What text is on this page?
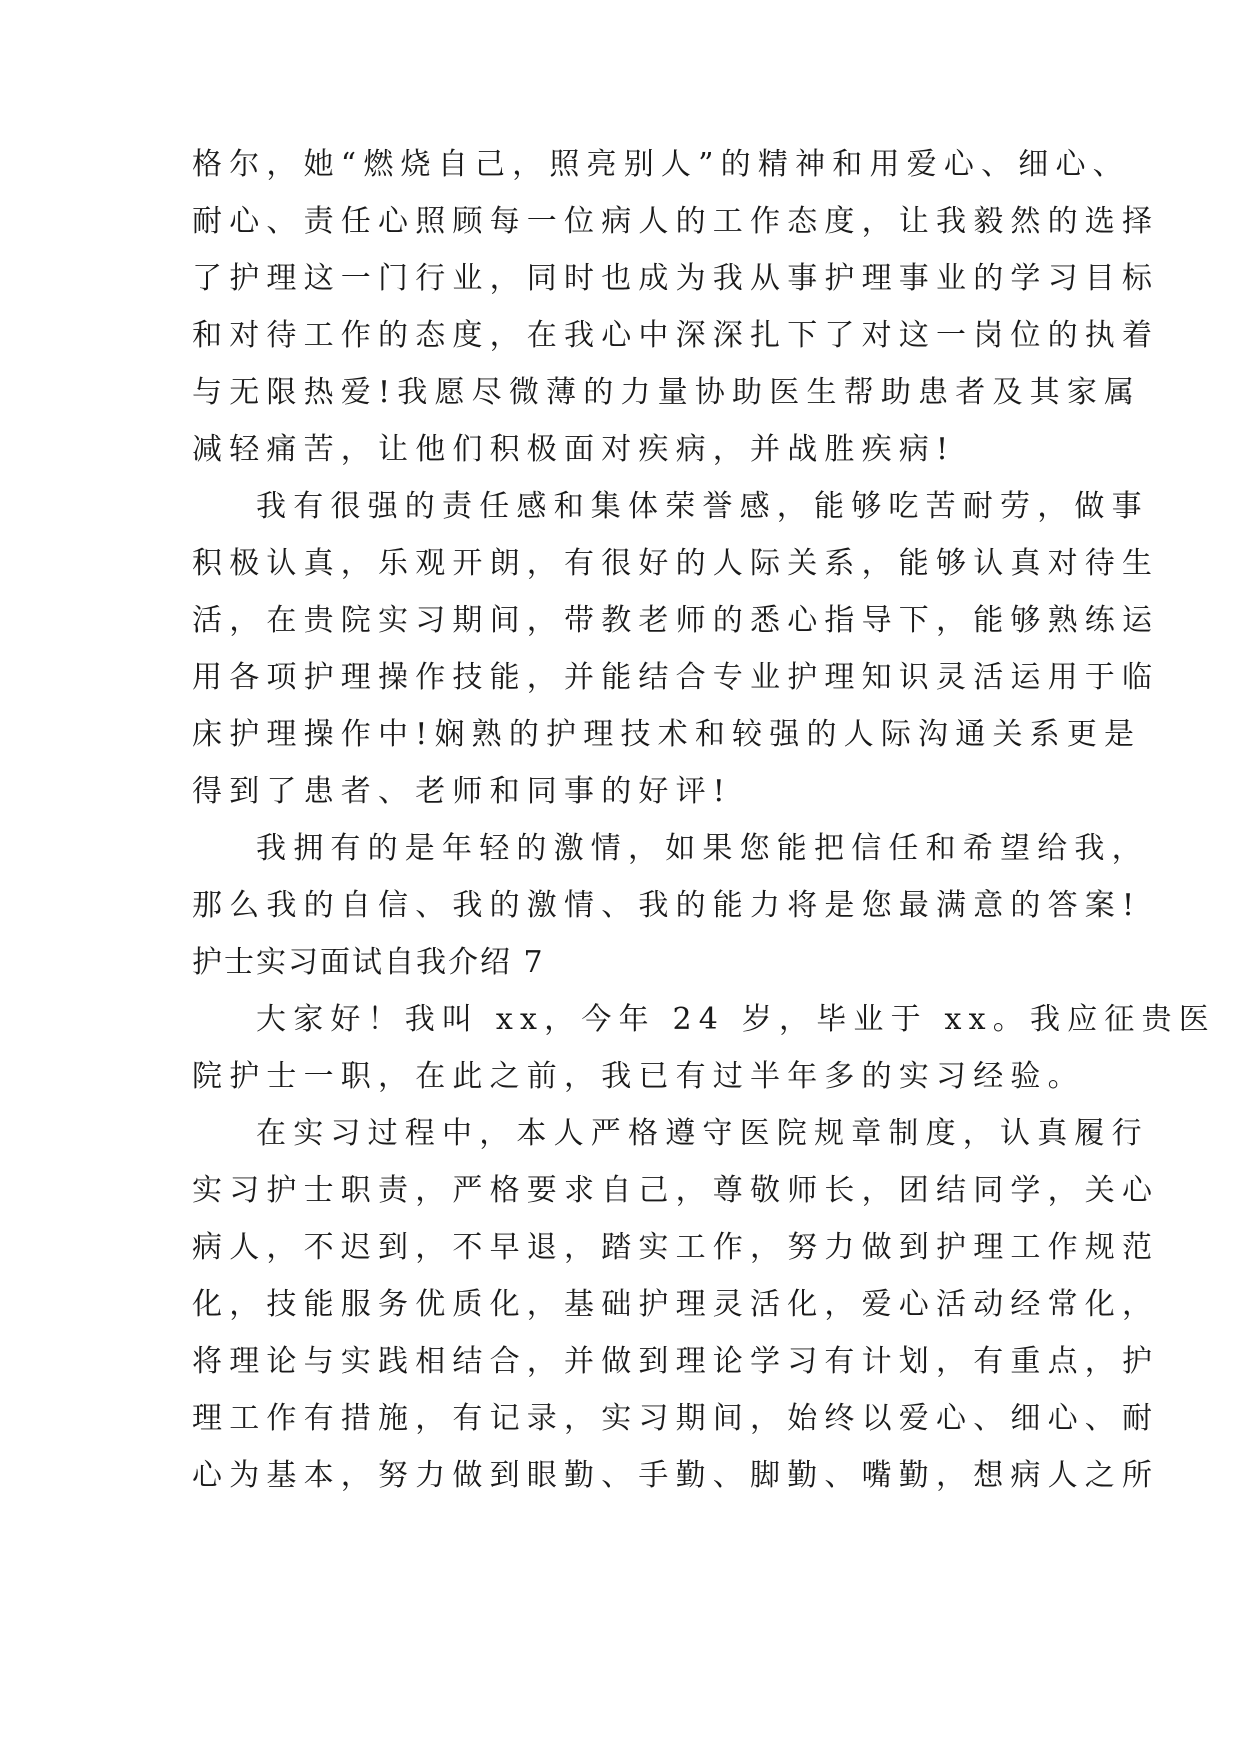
格尔，她“燃烧自己，照亮别人”的精神和用爱心、细心、
耐心、责任心照顾每一位病人的工作态度，让我毅然的选择
了护理这一门行业，同时也成为我从事护理事业的学习目标
和对待工作的态度，在我心中深深扎下了对这一岗位的执着
与无限热爱!我愿尽微薄的力量协助医生帮助患者及其家属
减轻痛苦，让他们积极面对疾病，并战胜疾病!
我有很强的责任感和集体荣誉感，能够吃苦耐劳，做事
积极认真，乐观开朗，有很好的人际关系，能够认真对待生
活，在贵院实习期间，带教老师的悉心指导下，能够熟练运
用各项护理操作技能，并能结合专业护理知识灵活运用于临
床护理操作中!娴熟的护理技术和较强的人际沟通关系更是
得到了患者、老师和同事的好评!
我拥有的是年轻的激情，如果您能把信任和希望给我，
那么我的自信、我的激情、我的能力将是您最满意的答案!
护士实习面试自我介绍 7
大家好！我叫 xx，今年 24 岁，毕业于 xx。我应征贵医
院护士一职，在此之前，我已有过半年多的实习经验。
在实习过程中，本人严格遵守医院规章制度，认真履行
实习护士职责，严格要求自己，尊敬师长，团结同学，关心
病人，不迟到，不早退，踏实工作，努力做到护理工作规范
化，技能服务优质化，基础护理灵活化，爱心活动经常化，
将理论与实践相结合，并做到理论学习有计划，有重点，护
理工作有措施，有记录，实习期间，始终以爱心、细心、耐
心为基本，努力做到眼勤、手勤、脚勤、嘴勤，想病人之所
